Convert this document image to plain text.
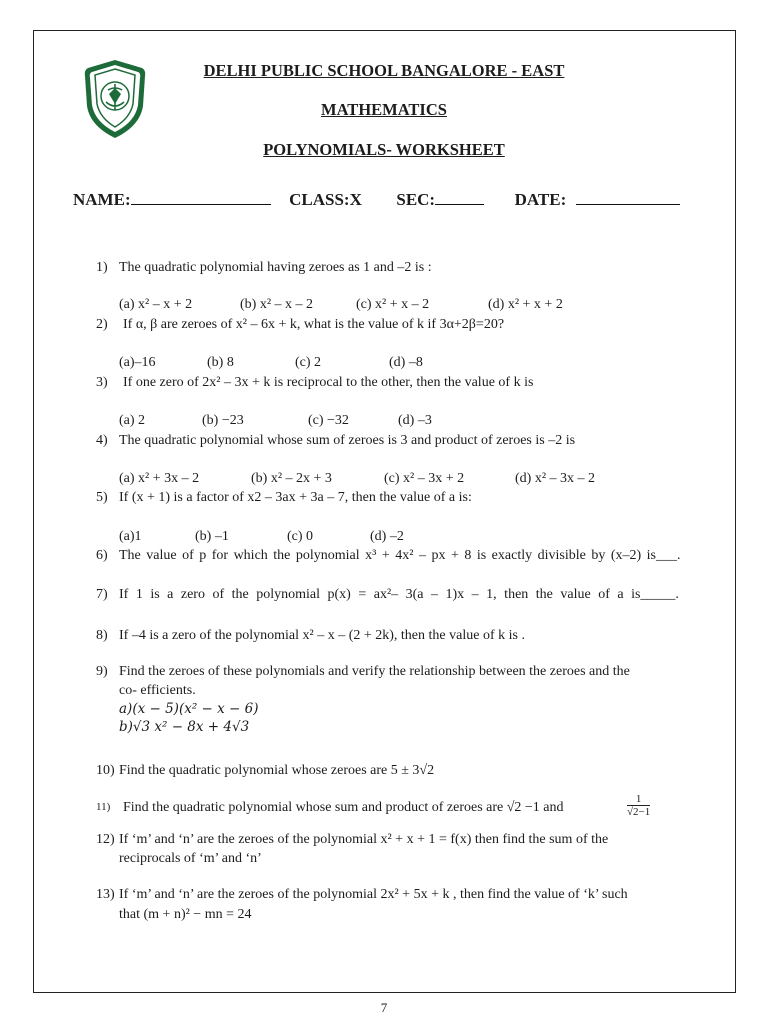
DELHI PUBLIC SCHOOL BANGALORE - EAST
MATHEMATICS
POLYNOMIALS- WORKSHEET
NAME:	CLASS:X SEC:	DATE:
1) The quadratic polynomial having zeroes as 1 and –2 is :
(a) x² – x + 2	(b) x² – x – 2	(c) x² + x – 2	(d) x² + x + 2
2) If α, β are zeroes of x² – 6x + k, what is the value of k if 3α+2β=20?
(a)–16	(b) 8	(c) 2	(d) –8
3) If one zero of 2x² – 3x + k is reciprocal to the other, then the value of k is
(a) 2	(b) −23	(c) −32	(d) –3
4) The quadratic polynomial whose sum of zeroes is 3 and product of zeroes is –2 is
(a) x² + 3x – 2	(b) x² – 2x + 3	(c) x² – 3x + 2	(d) x² – 3x – 2
5) If (x + 1) is a factor of x2 – 3ax + 3a – 7, then the value of a is:
(a)1	(b) –1	(c) 0	(d) –2
6) The value of p for which the polynomial x³ + 4x² – px + 8 is exactly divisible by (x–2) is___.
7) If 1 is a zero of the polynomial p(x) = ax²– 3(a – 1)x – 1, then the value of a is_____.
8) If –4 is a zero of the polynomial x² – x – (2 + 2k), then the value of k is .
9) Find the zeroes of these polynomials and verify the relationship between the zeroes and the
co- efficients.
a)(x − 5)(x² − x − 6)
b)√3 x² − 8x + 4√3
10) Find the quadratic polynomial whose zeroes are 5 ± 3√2
11) Find the quadratic polynomial whose sum and product of zeroes are √2 −1 and	$\frac{1}{√2-1}$
12) If ‘m’ and ‘n’ are the zeroes of the polynomial x² + x + 1 = f(x) then find the sum of the
reciprocals of ‘m’ and ‘n’
13) If ‘m’ and ‘n’ are the zeroes of the polynomial 2x² + 5x + k , then find the value of ‘k’ such
that (m + n)² − mn = 24
7
